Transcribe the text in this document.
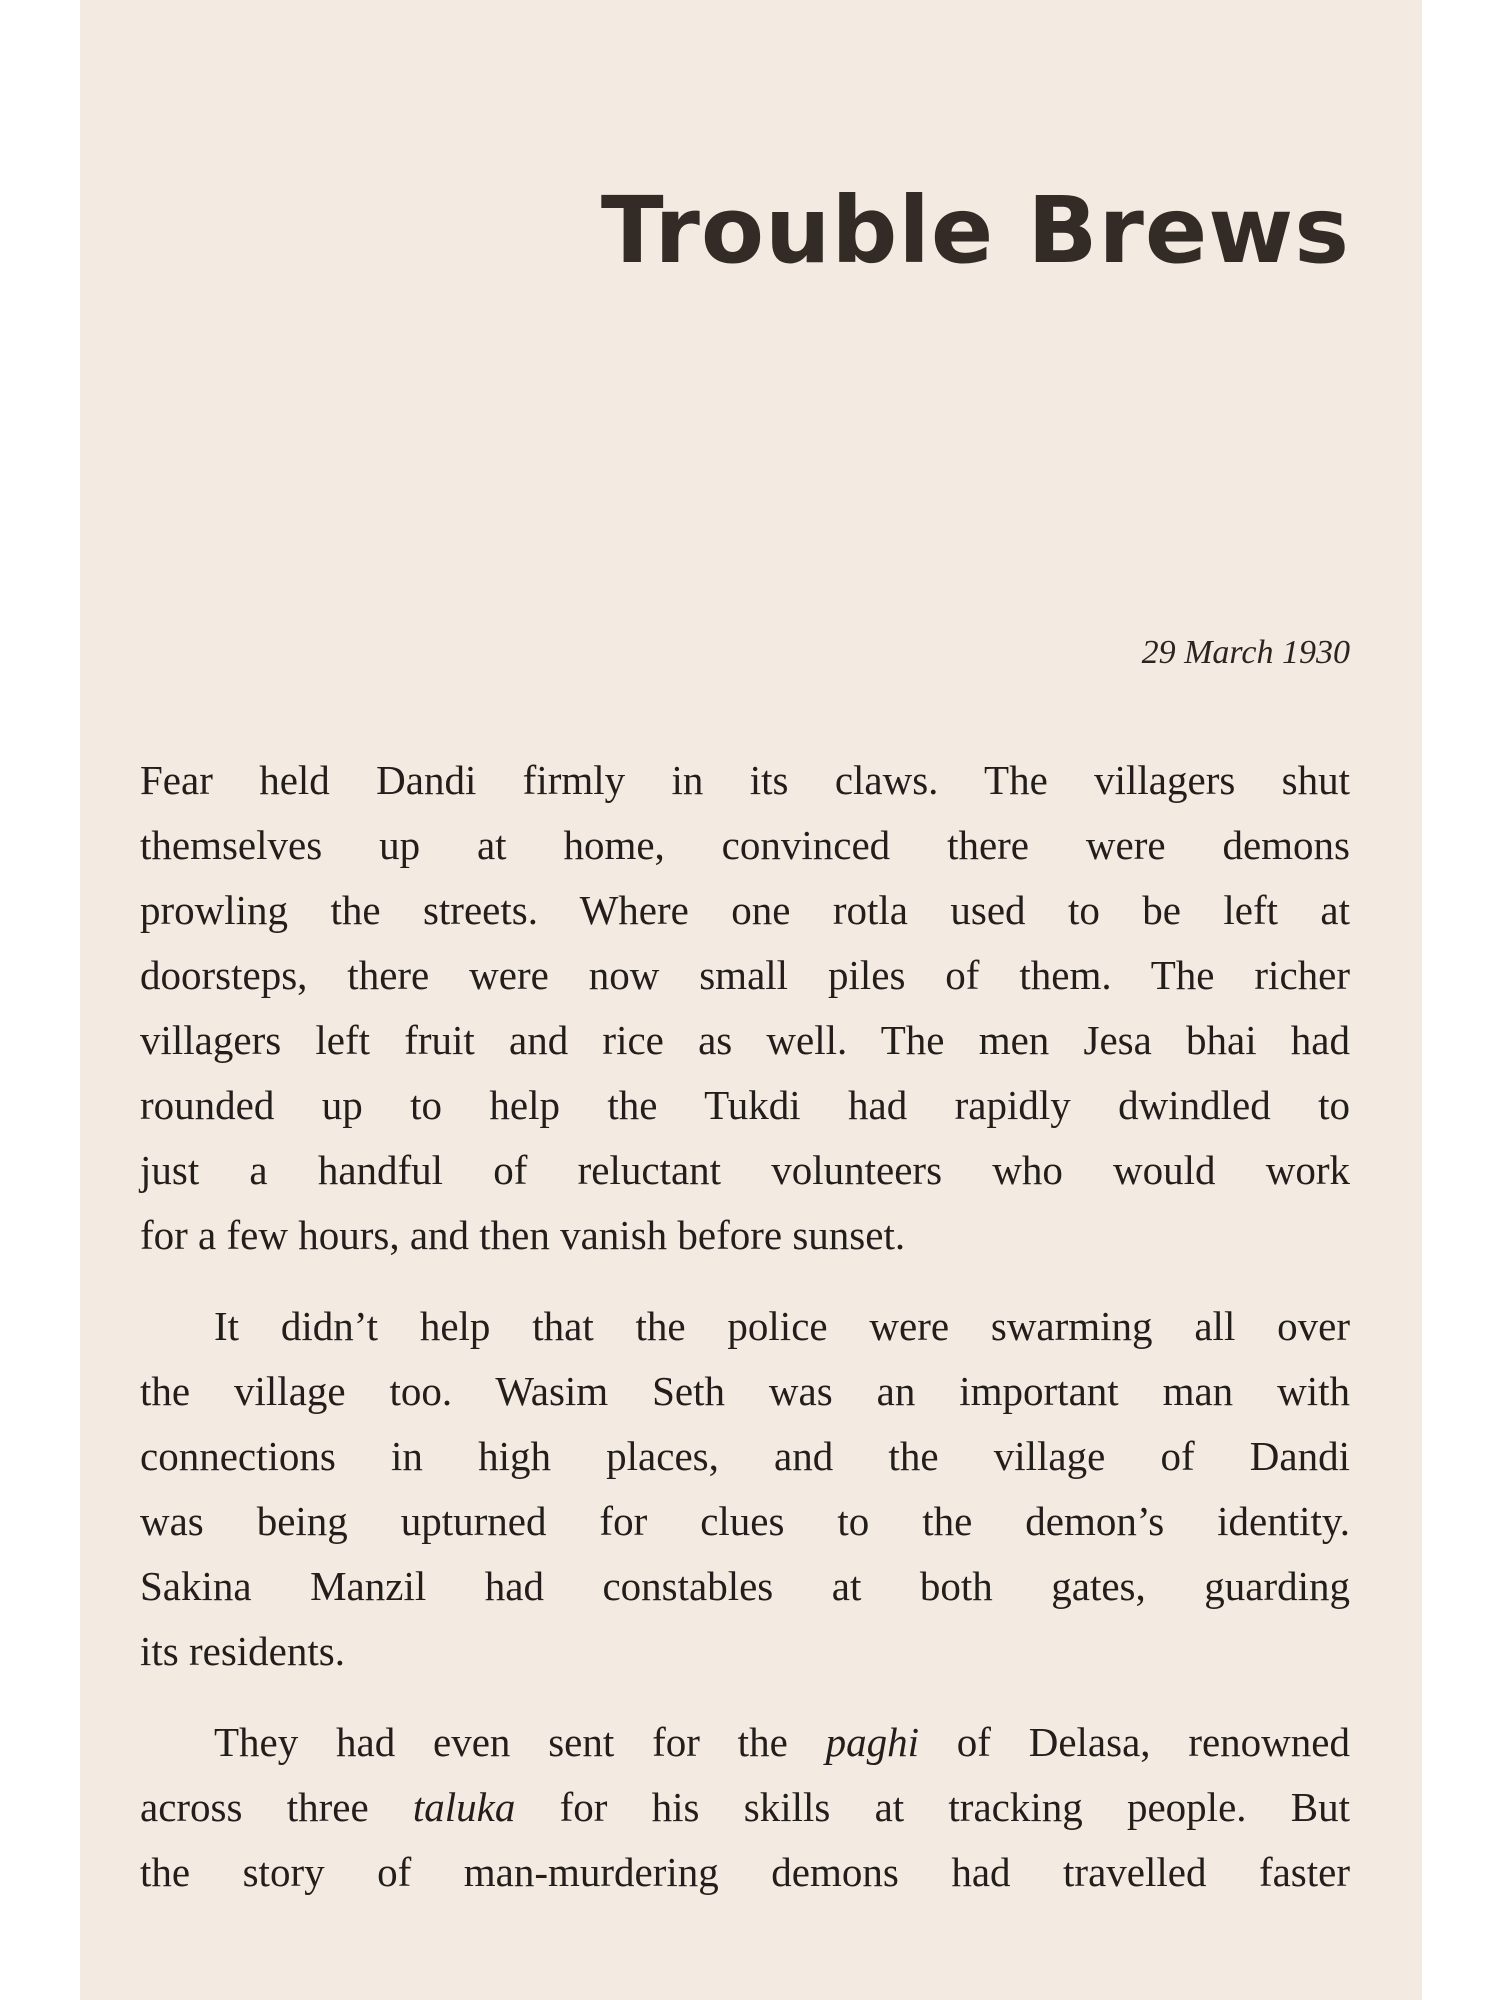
Trouble Brews
29 March 1930
Fear held Dandi firmly in its claws. The villagers shut
themselves up at home, convinced there were demons
prowling the streets. Where one rotla used to be left at
doorsteps, there were now small piles of them. The richer
villagers left fruit and rice as well. The men Jesa bhai had
rounded up to help the Tukdi had rapidly dwindled to
just a handful of reluctant volunteers who would work
for a few hours, and then vanish before sunset.
It didn’t help that the police were swarming all over
the village too. Wasim Seth was an important man with
connections in high places, and the village of Dandi
was being upturned for clues to the demon’s identity.
Sakina Manzil had constables at both gates, guarding
its residents.
They had even sent for the paghi of Delasa, renowned
across three taluka for his skills at tracking people. But
the story of man-murdering demons had travelled faster
